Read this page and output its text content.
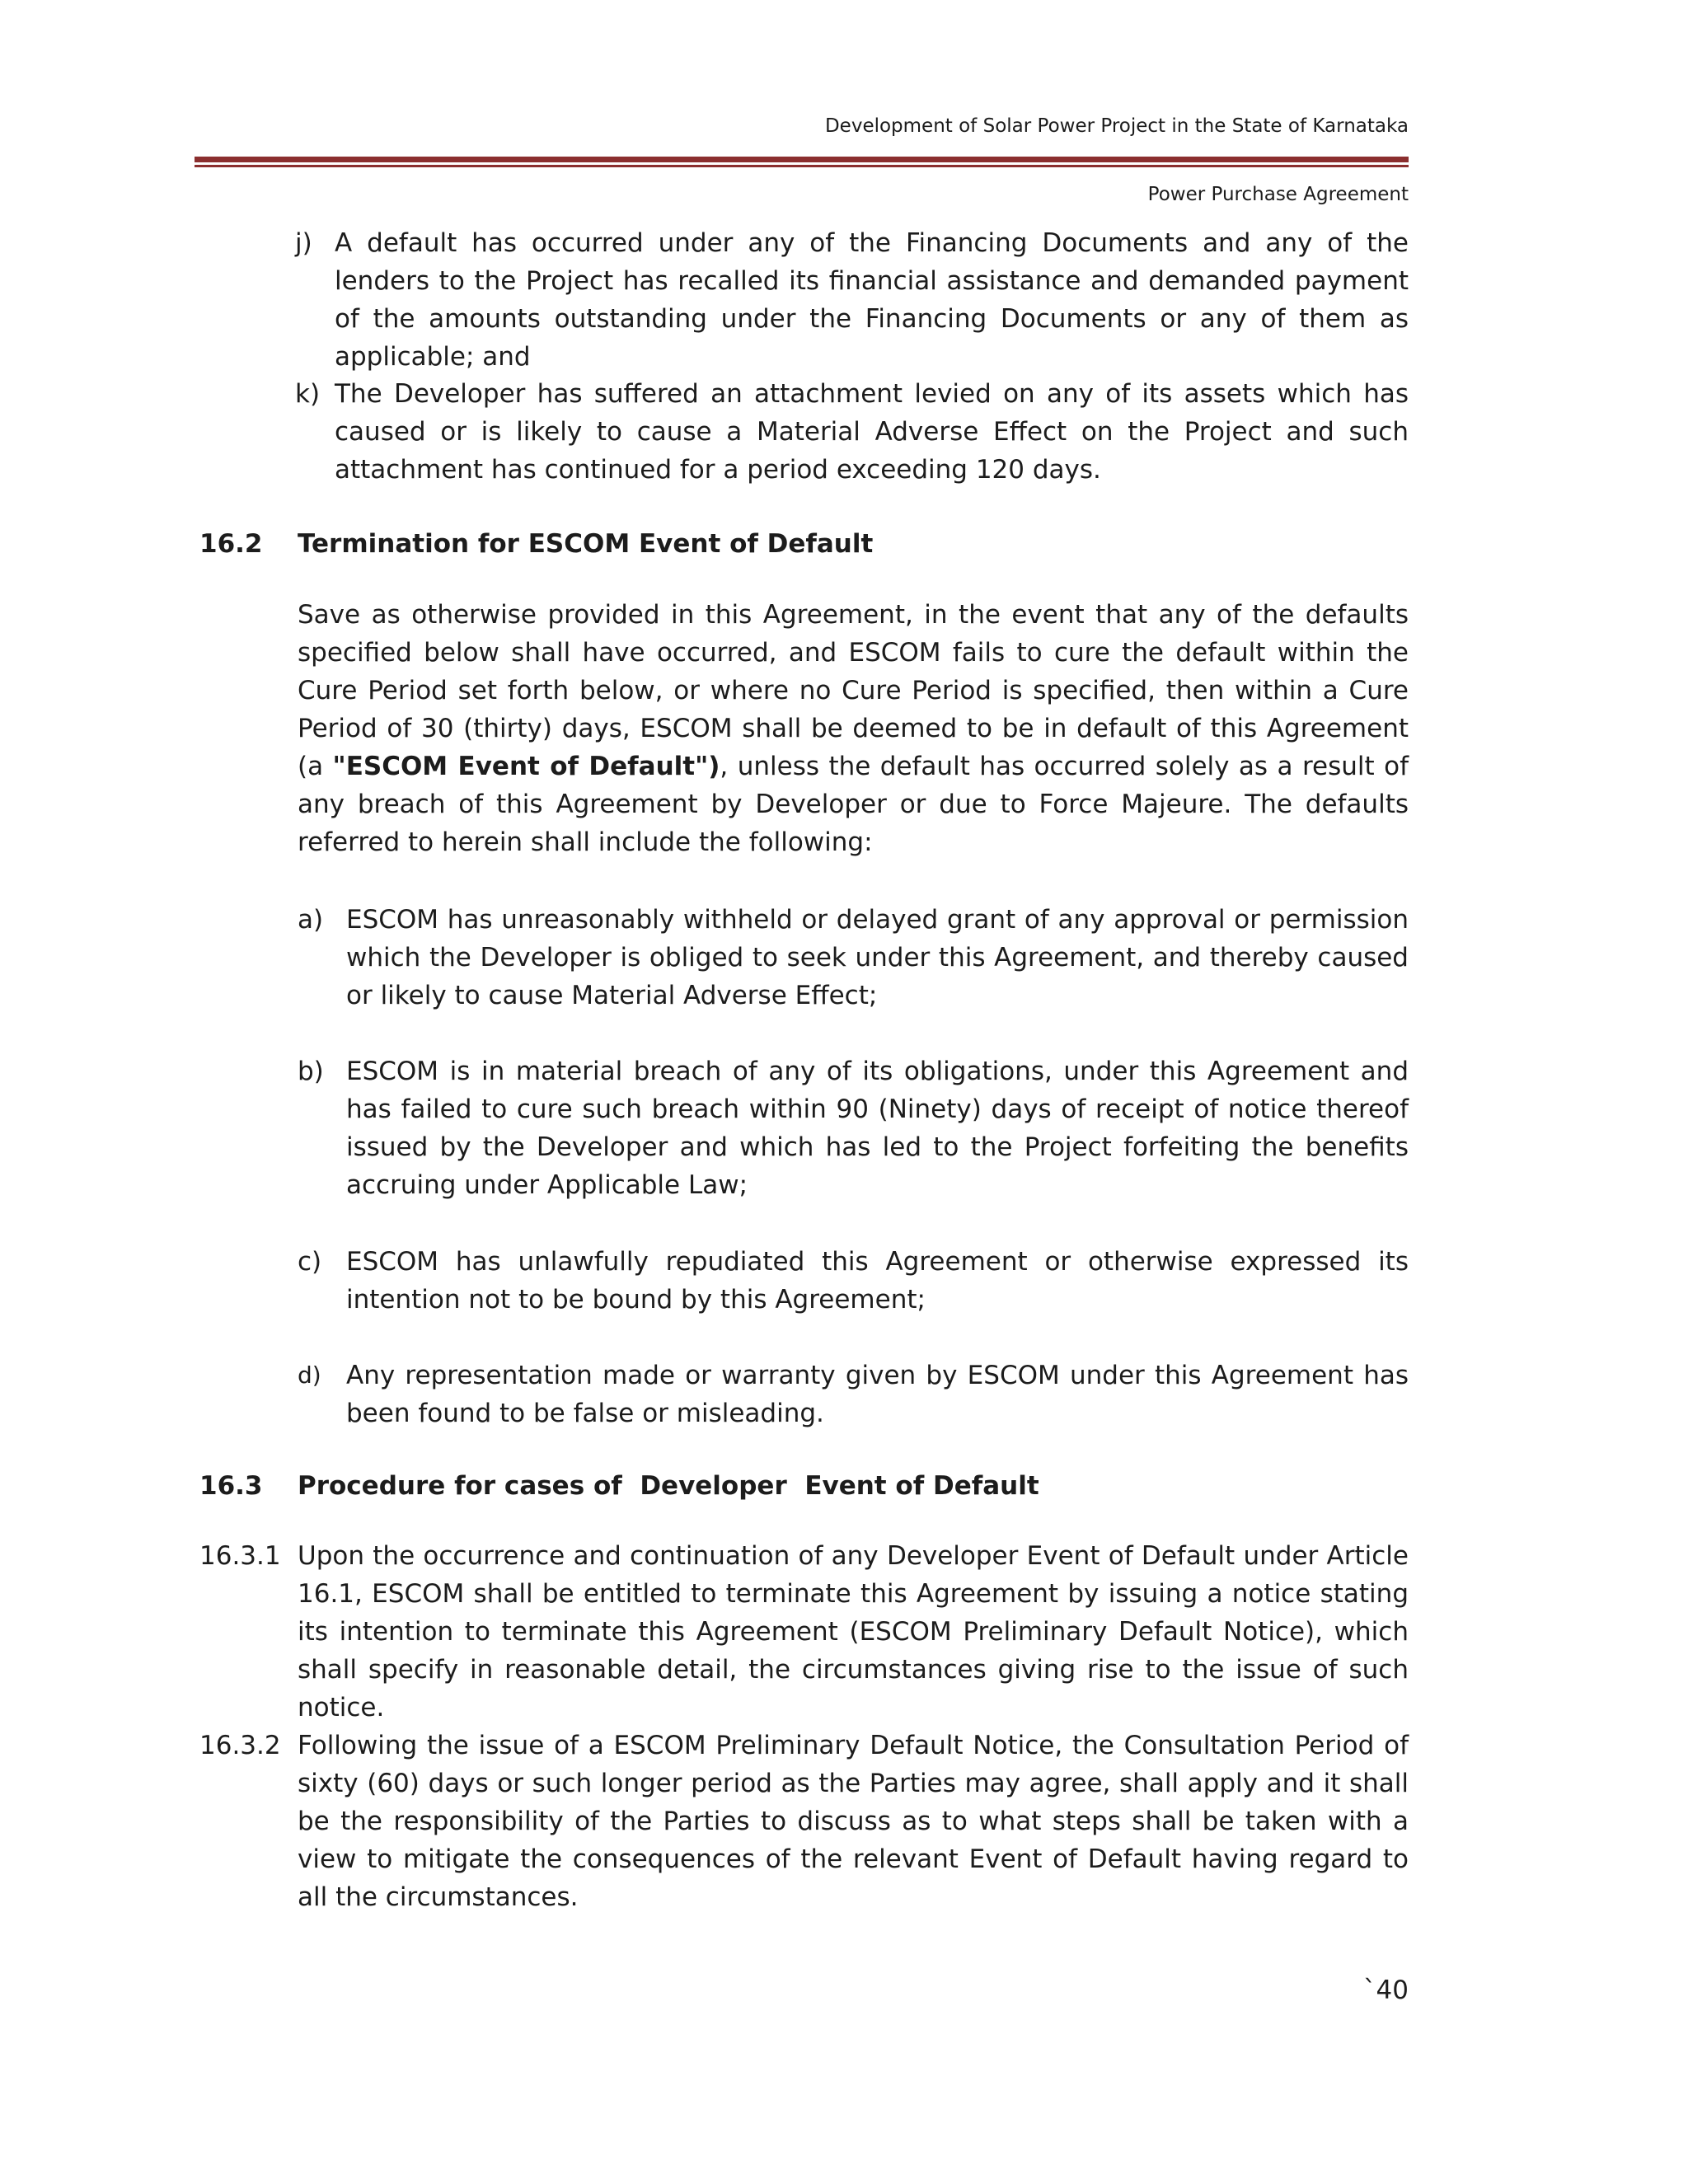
Development of Solar Power Project in the State of Karnataka
Power Purchase Agreement
j) A default has occurred under any of the Financing Documents and any of the lenders to the Project has recalled its financial assistance and demanded payment of the amounts outstanding under the Financing Documents or any of them as applicable; and

k) The Developer has suffered an attachment levied on any of its assets which has caused or is likely to cause a Material Adverse Effect on the Project and such attachment has continued for a period exceeding 120 days.

16.2 Termination for ESCOM Event of Default

Save as otherwise provided in this Agreement, in the event that any of the defaults specified below shall have occurred, and ESCOM fails to cure the default within the Cure Period set forth below, or where no Cure Period is specified, then within a Cure Period of 30 (thirty) days, ESCOM shall be deemed to be in default of this Agreement (a "ESCOM Event of Default"), unless the default has occurred solely as a result of any breach of this Agreement by Developer or due to Force Majeure. The defaults referred to herein shall include the following:

a) ESCOM has unreasonably withheld or delayed grant of any approval or permission which the Developer is obliged to seek under this Agreement, and thereby caused or likely to cause Material Adverse Effect;

b) ESCOM is in material breach of any of its obligations, under this Agreement and has failed to cure such breach within 90 (Ninety) days of receipt of notice thereof issued by the Developer and which has led to the Project forfeiting the benefits accruing under Applicable Law;

c) ESCOM has unlawfully repudiated this Agreement or otherwise expressed its intention not to be bound by this Agreement;

d) Any representation made or warranty given by ESCOM under this Agreement has been found to be false or misleading.

16.3 Procedure for cases of  Developer  Event of Default
16.3.1 Upon the occurrence and continuation of any Developer Event of Default under Article 16.1, ESCOM shall be entitled to terminate this Agreement by issuing a notice stating its intention to terminate this Agreement (ESCOM Preliminary Default Notice), which shall specify in reasonable detail, the circumstances giving rise to the issue of such notice.

16.3.2 Following the issue of a ESCOM Preliminary Default Notice, the Consultation Period of sixty (60) days or such longer period as the Parties may agree, shall apply and it shall be the responsibility of the Parties to discuss as to what steps shall be taken with a view to mitigate the consequences of the relevant Event of Default having regard to all the circumstances.

`40
